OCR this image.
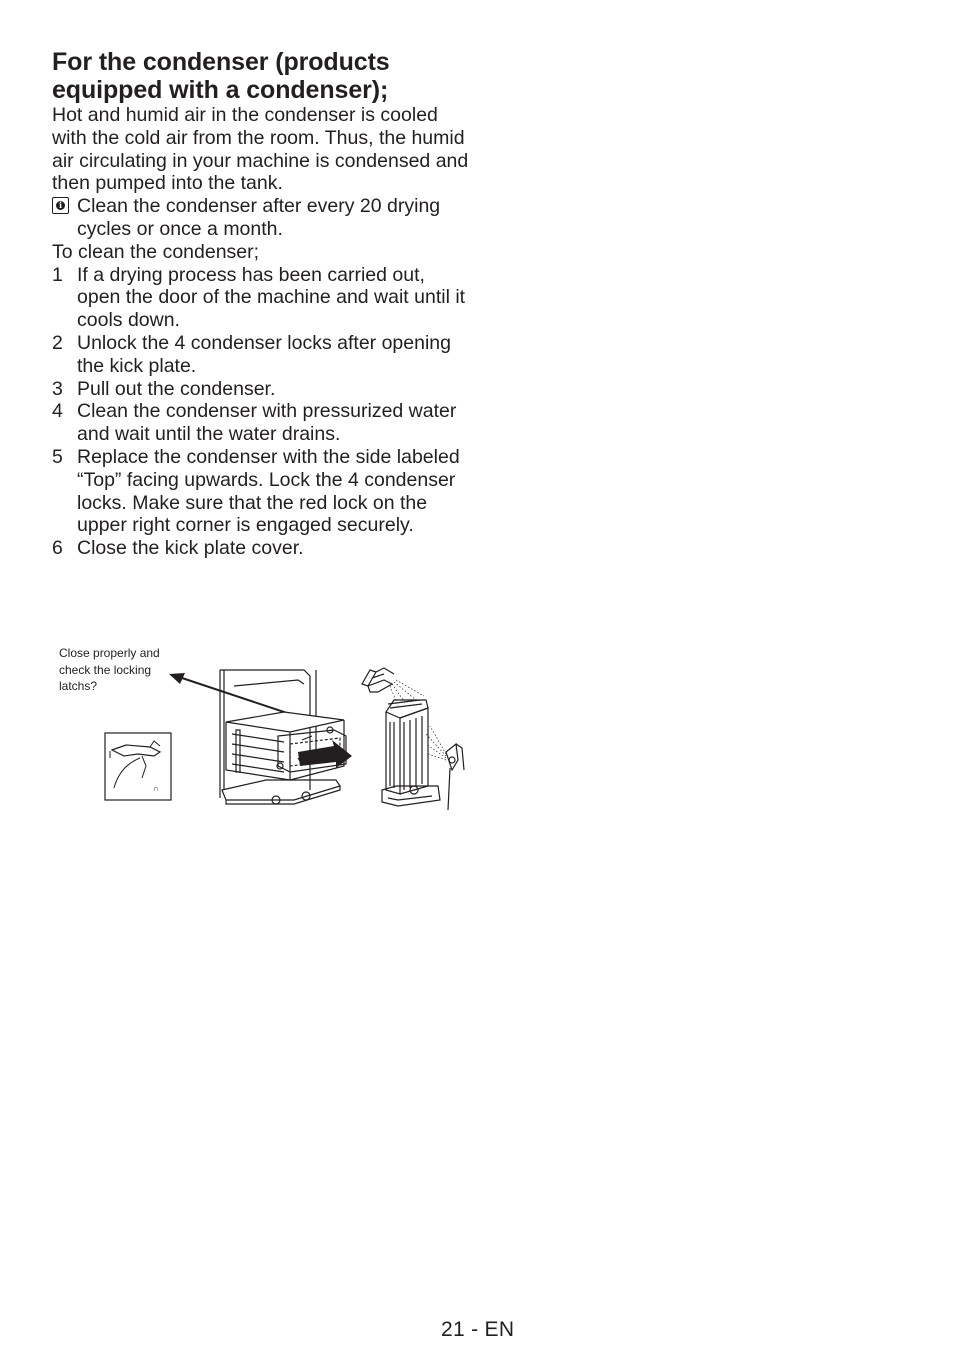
For the condenser (products equipped with a condenser);

Hot and humid air in the condenser is cooled with the cold air from the room. Thus, the humid air circulating in your machine is condensed and then pumped into the tank.

i Clean the condenser after every 20 drying cycles or once a month.

To clean the condenser;

1 If a drying process has been carried out, open the door of the machine and wait until it cools down.
2 Unlock the 4 condenser locks after opening the kick plate.
3 Pull out the condenser.
4 Clean the condenser with pressurized water and wait until the water drains.
5 Replace the condenser with the side labeled “Top” facing upwards. Lock the 4 condenser locks. Make sure that the red lock on the upper right corner is engaged securely.
6 Close the kick plate cover.
Close properly and check the locking latchs?
∩
21 - EN
